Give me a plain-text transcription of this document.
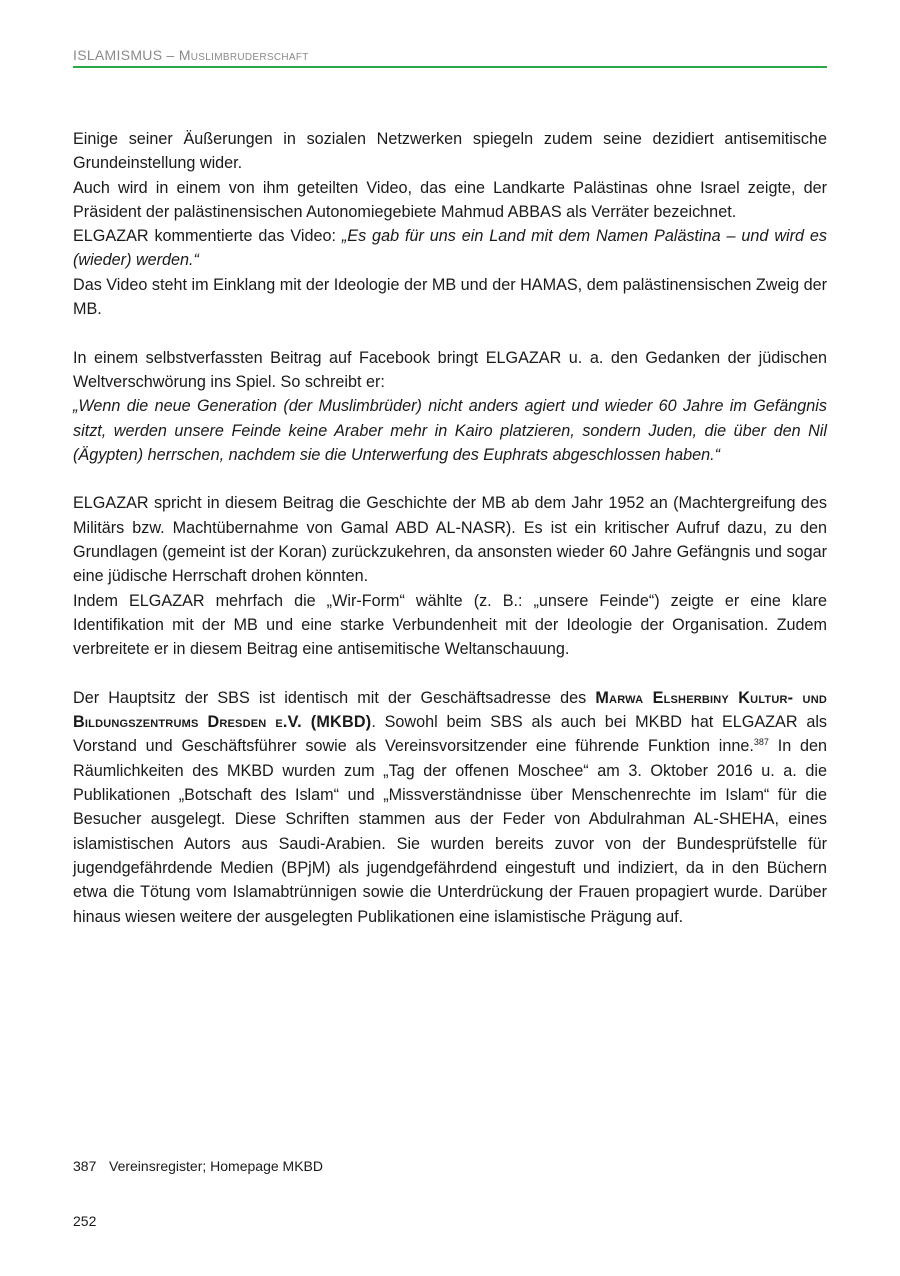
ISLAMISMUS – Muslimbruderschaft

Einige seiner Äußerungen in sozialen Netzwerken spiegeln zudem seine dezidiert antisemitische Grundeinstellung wider.

Auch wird in einem von ihm geteilten Video, das eine Landkarte Palästinas ohne Israel zeigte, der Präsident der palästinensischen Autonomiegebiete Mahmud ABBAS als Verräter bezeichnet.

ELGAZAR kommentierte das Video: „Es gab für uns ein Land mit dem Namen Palästina – und wird es (wieder) werden.“

Das Video steht im Einklang mit der Ideologie der MB und der HAMAS, dem palästinensischen Zweig der MB.

In einem selbstverfassten Beitrag auf Facebook bringt ELGAZAR u. a. den Gedanken der jüdischen Weltverschwörung ins Spiel. So schreibt er:

„Wenn die neue Generation (der Muslimbrüder) nicht anders agiert und wieder 60 Jahre im Gefängnis sitzt, werden unsere Feinde keine Araber mehr in Kairo platzieren, sondern Juden, die über den Nil (Ägypten) herrschen, nachdem sie die Unterwerfung des Euphrats abgeschlossen haben.“

ELGAZAR spricht in diesem Beitrag die Geschichte der MB ab dem Jahr 1952 an (Machtergreifung des Militärs bzw. Machtübernahme von Gamal ABD AL-NASR). Es ist ein kritischer Aufruf dazu, zu den Grundlagen (gemeint ist der Koran) zurückzukehren, da ansonsten wieder 60 Jahre Gefängnis und sogar eine jüdische Herrschaft drohen könnten.

Indem ELGAZAR mehrfach die „Wir-Form“ wählte (z. B.: „unsere Feinde“) zeigte er eine klare Identifikation mit der MB und eine starke Verbundenheit mit der Ideologie der Organisation. Zudem verbreitete er in diesem Beitrag eine antisemitische Weltanschauung.

Der Hauptsitz der SBS ist identisch mit der Geschäftsadresse des Marwa Elsherbiny Kultur- und Bildungszentrums Dresden e.V. (MKBD). Sowohl beim SBS als auch bei MKBD hat ELGAZAR als Vorstand und Geschäftsführer sowie als Vereinsvorsitzender eine führende Funktion inne.$^{387}$ In den Räumlichkeiten des MKBD wurden zum „Tag der offenen Moschee“ am 3. Oktober 2016 u. a. die Publikationen „Botschaft des Islam“ und „Missverständnisse über Menschenrechte im Islam“ für die Besucher ausgelegt. Diese Schriften stammen aus der Feder von Abdulrahman AL-SHEHA, eines islamistischen Autors aus Saudi-Arabien. Sie wurden bereits zuvor von der Bundesprüfstelle für jugendgefährdende Medien (BPjM) als jugendgefährdend eingestuft und indiziert, da in den Büchern etwa die Tötung vom Islamabtrünnigen sowie die Unterdrückung der Frauen propagiert wurde. Darüber hinaus wiesen weitere der ausgelegten Publikationen eine islamistische Prägung auf.

387 Vereinsregister; Homepage MKBD
252
